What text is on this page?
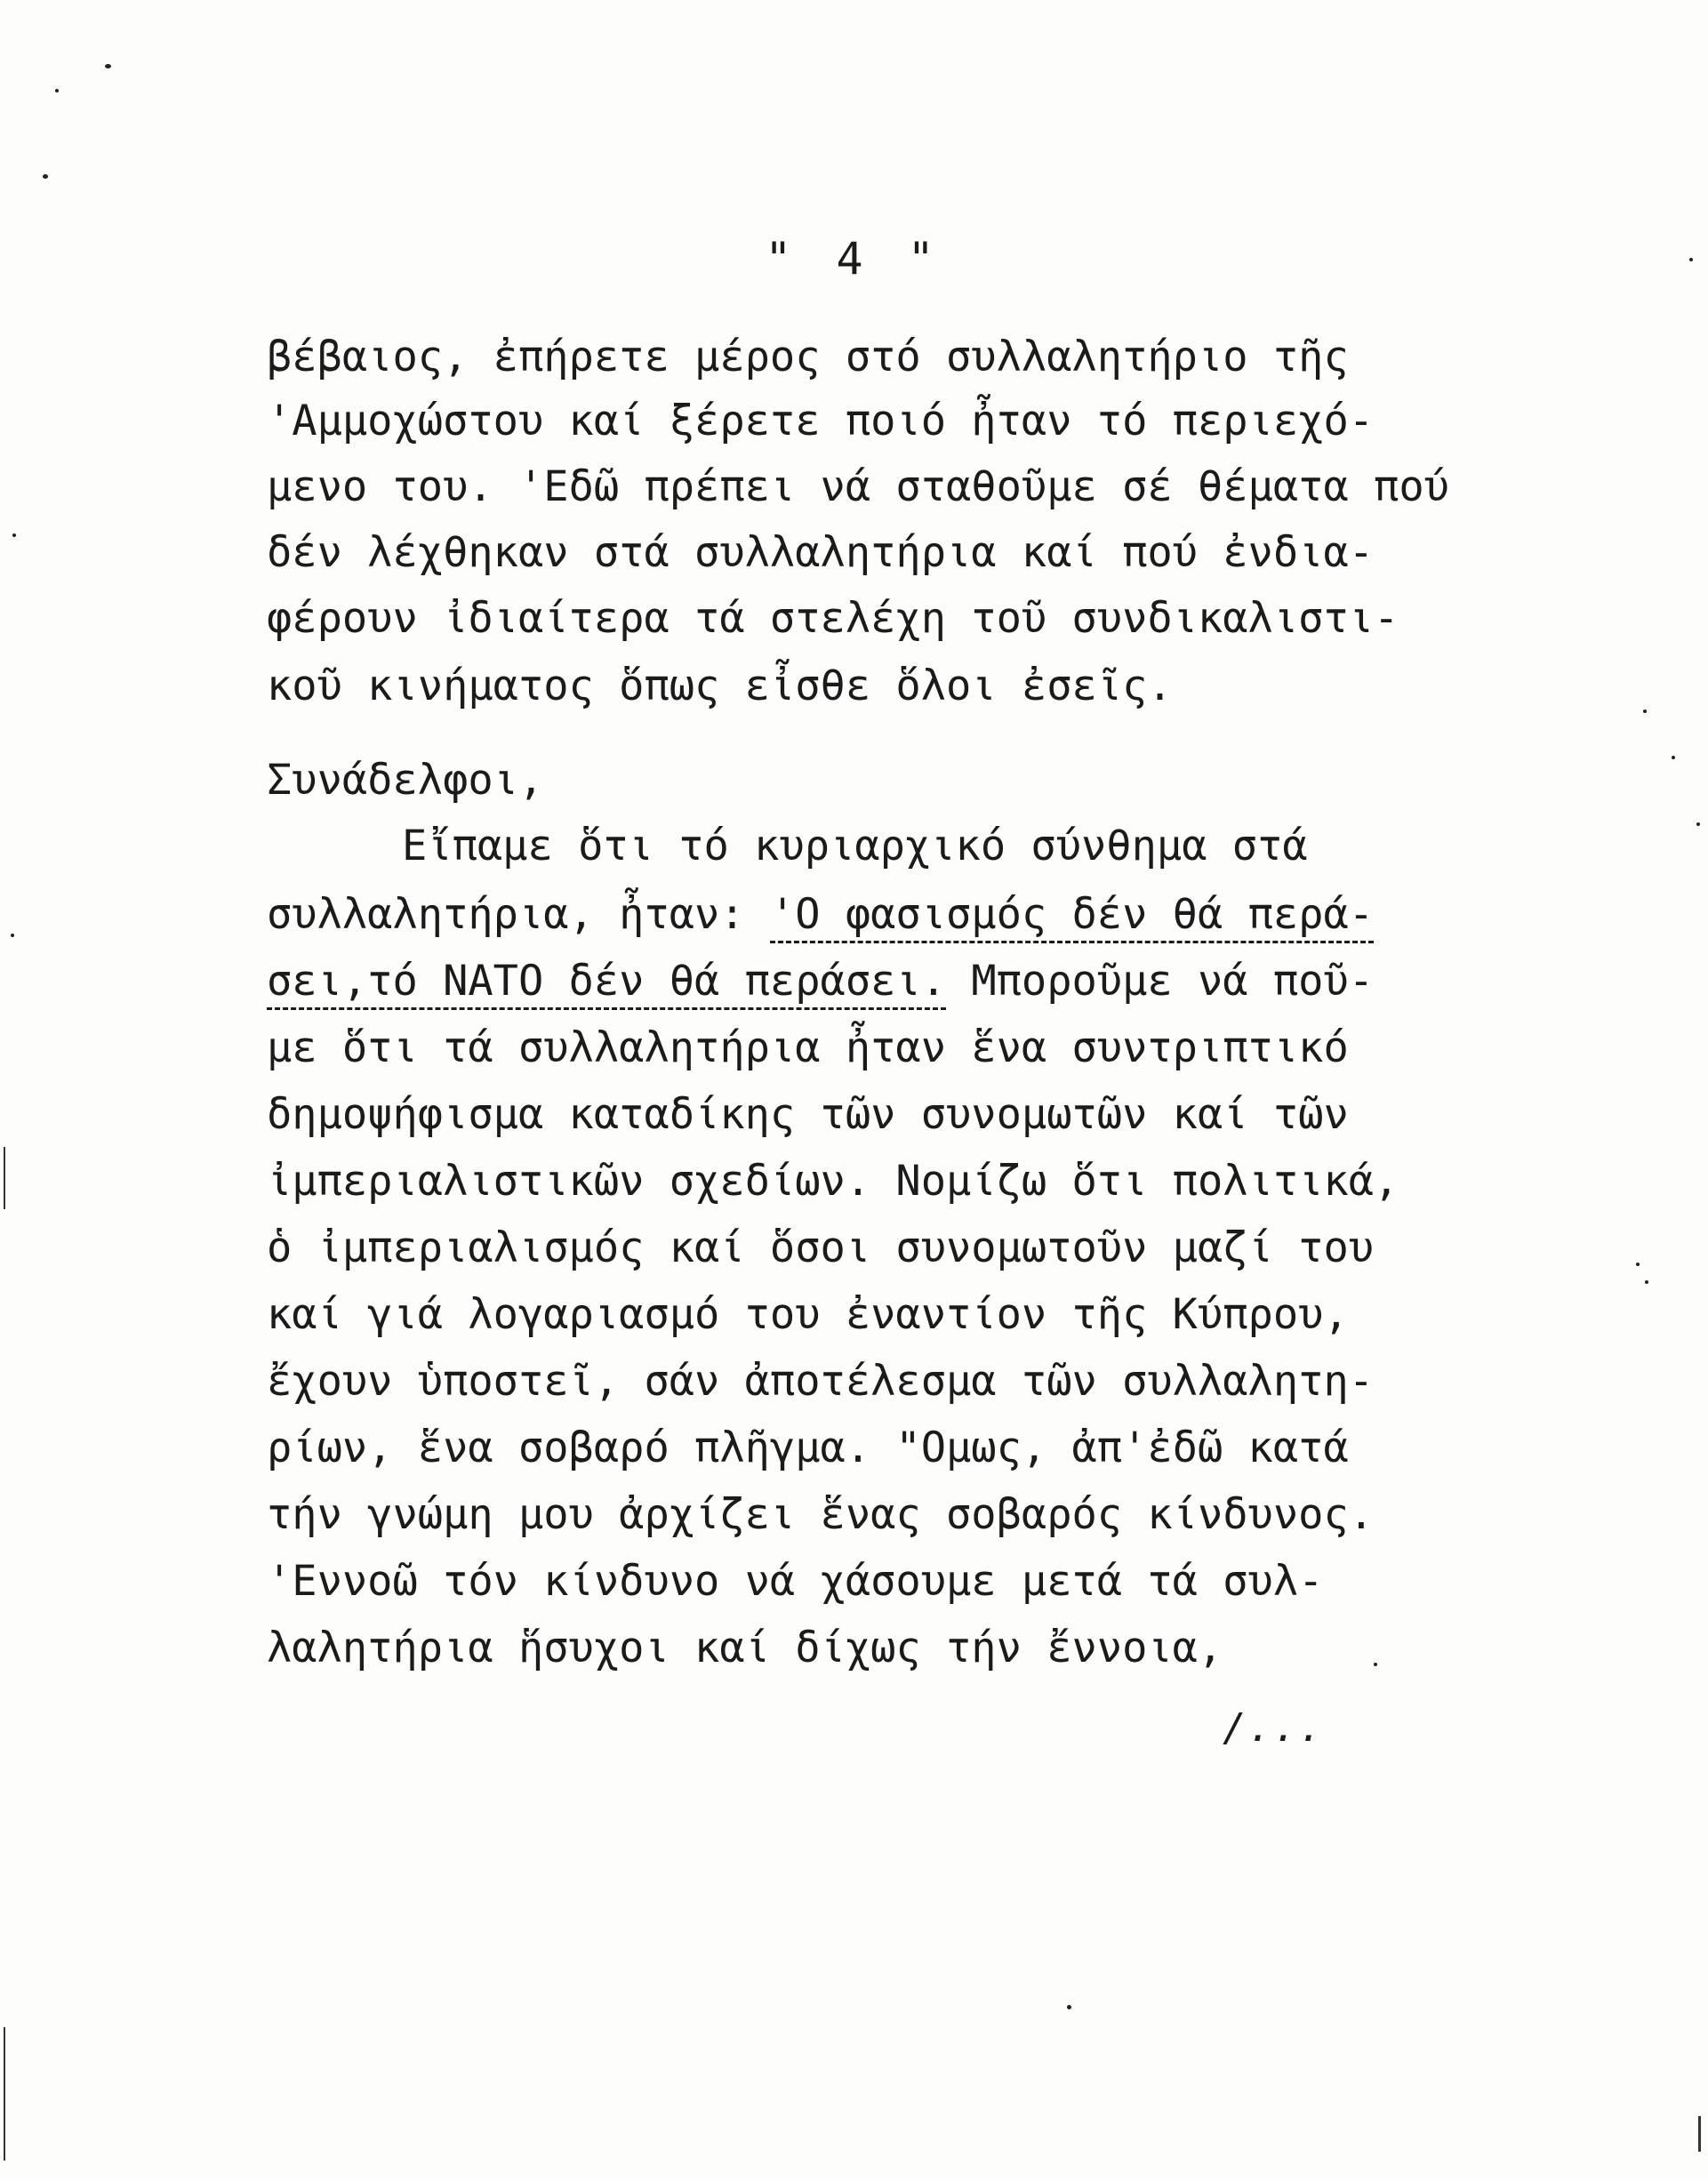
" 4 "
βέβαιος, ἐπήρετε μέρος στό συλλαλητήριο τῆς
'Αμμοχώστου καί ξέρετε ποιό ἦταν τό περιεχό-
μενο του. 'Εδῶ πρέπει νά σταθοῦμε σέ θέματα πού
δέν λέχθηκαν στά συλλαλητήρια καί πού ἐνδια-
φέρουν ἰδιαίτερα τά στελέχη τοῦ συνδικαλιστι-
κοῦ κινήματος ὅπως εἶσθε ὅλοι ἐσεῖς.
Συνάδελφοι,
Εἴπαμε ὅτι τό κυριαρχικό σύνθημα στά
συλλαλητήρια, ἦταν: 'Ο φασισμός δέν θά περά-
σει,τό ΝΑΤΟ δέν θά περάσει. Μποροῦμε νά ποῦ-
με ὅτι τά συλλαλητήρια ἦταν ἕνα συντριπτικό
δημοψήφισμα καταδίκης τῶν συνομωτῶν καί τῶν
ἰμπεριαλιστικῶν σχεδίων. Νομίζω ὅτι πολιτικά,
ὁ ἰμπεριαλισμός καί ὅσοι συνομωτοῦν μαζί του
καί γιά λογαριασμό του ἐναντίον τῆς Κύπρου,
ἔχουν ὑποστεῖ, σάν ἀποτέλεσμα τῶν συλλαλητη-
ρίων, ἕνα σοβαρό πλῆγμα. "Ομως, ἀπ'ἐδῶ κατά
τήν γνώμη μου ἀρχίζει ἕνας σοβαρός κίνδυνος.
'Εννοῶ τόν κίνδυνο νά χάσουμε μετά τά συλ-
λαλητήρια ἥσυχοι καί δίχως τήν ἔννοια,
/...
